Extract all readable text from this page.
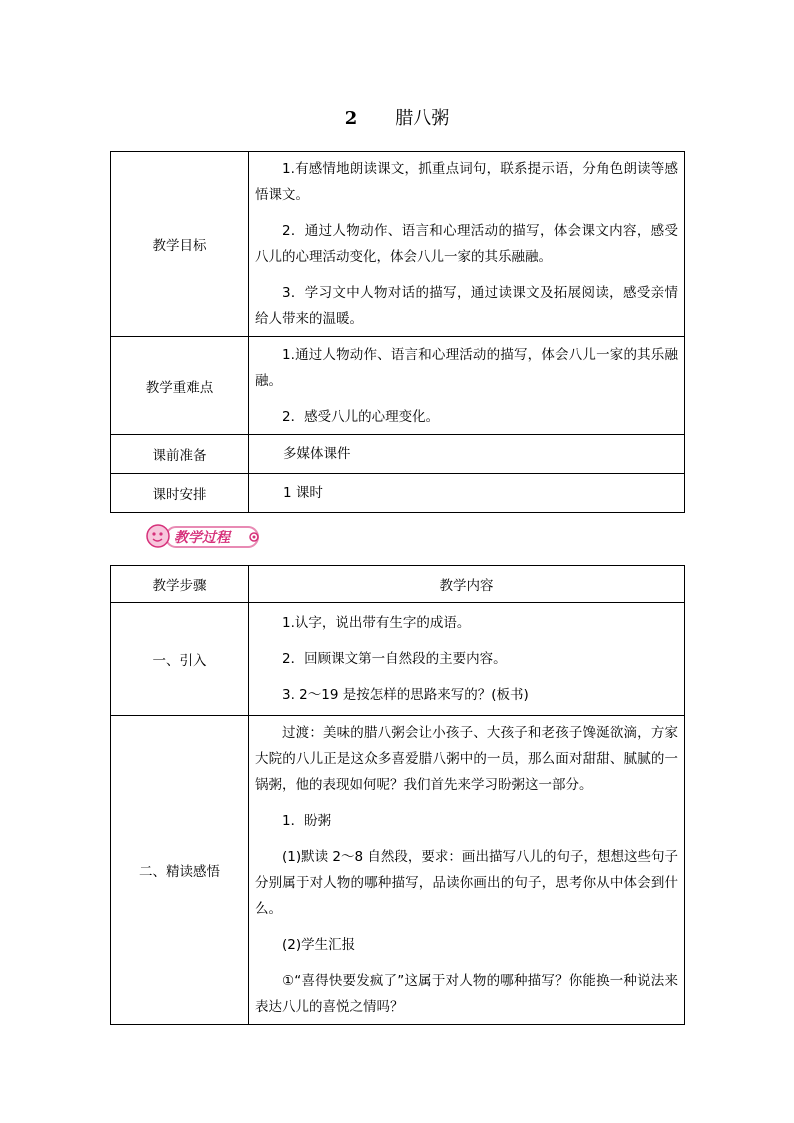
2 腊八粥
教学目标	1.有感情地朗读课文，抓重点词句，联系提示语，分角色朗读等感悟课文。

2．通过人物动作、语言和心理活动的描写，体会课文内容，感受八儿的心理活动变化，体会八儿一家的其乐融融。

3．学习文中人物对话的描写，通过读课文及拓展阅读，感受亲情给人带来的温暖。

教学重难点	1.通过人物动作、语言和心理活动的描写，体会八儿一家的其乐融融。

2．感受八儿的心理变化。

课前准备	多媒体课件
课时安排	1 课时
教学过程
教学步骤	教学内容
一、引入	1.认字，说出带有生字的成语。

2．回顾课文第一自然段的主要内容。

3. 2～19 是按怎样的思路来写的？(板书)

二、精读感悟	过渡：美味的腊八粥会让小孩子、大孩子和老孩子馋涎欲滴，方家大院的八儿正是这众多喜爱腊八粥中的一员，那么面对甜甜、腻腻的一锅粥，他的表现如何呢？我们首先来学习盼粥这一部分。

1．盼粥

(1)默读 2～8 自然段，要求：画出描写八儿的句子，想想这些句子分别属于对人物的哪种描写，品读你画出的句子，思考你从中体会到什么。

(2)学生汇报

①“喜得快要发疯了”这属于对人物的哪种描写？你能换一种说法来表达八儿的喜悦之情吗？
